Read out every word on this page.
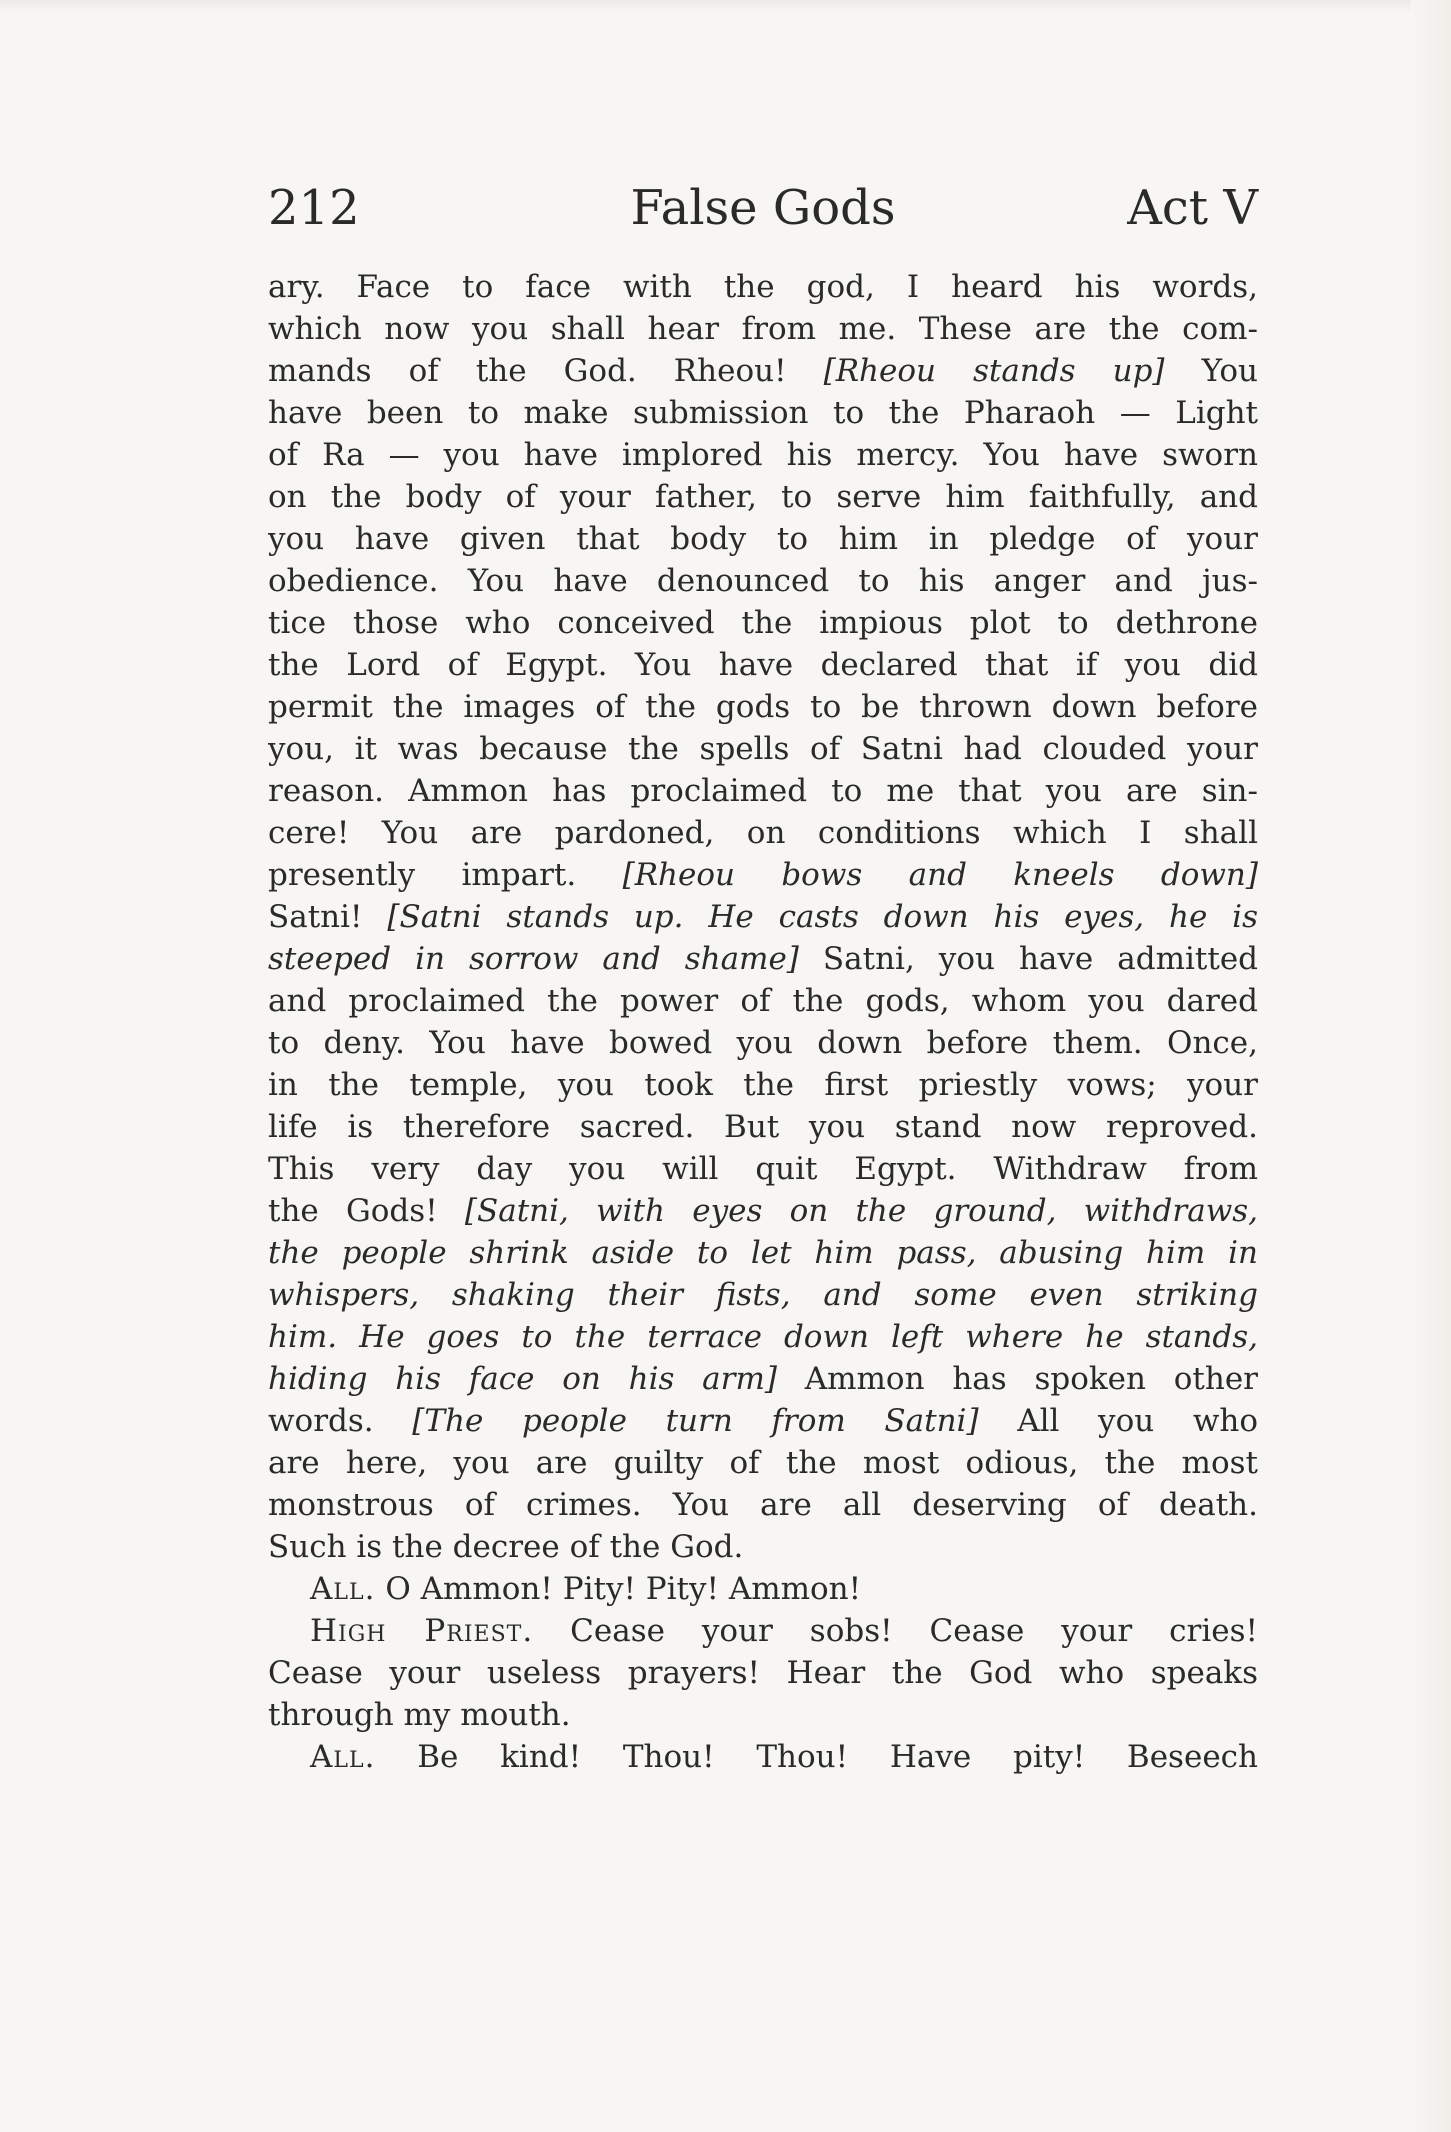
212	False Gods	Act V
ary. Face to face with the god, I heard his words,
which now you shall hear from me. These are the com-
mands of the God. Rheou! [Rheou stands up] You
have been to make submission to the Pharaoh — Light
of Ra — you have implored his mercy. You have sworn
on the body of your father, to serve him faithfully, and
you have given that body to him in pledge of your
obedience. You have denounced to his anger and jus-
tice those who conceived the impious plot to dethrone
the Lord of Egypt. You have declared that if you did
permit the images of the gods to be thrown down before
you, it was because the spells of Satni had clouded your
reason. Ammon has proclaimed to me that you are sin-
cere! You are pardoned, on conditions which I shall
presently impart. [Rheou bows and kneels down]
Satni! [Satni stands up. He casts down his eyes, he is
steeped in sorrow and shame] Satni, you have admitted
and proclaimed the power of the gods, whom you dared
to deny. You have bowed you down before them. Once,
in the temple, you took the first priestly vows; your
life is therefore sacred. But you stand now reproved.
This very day you will quit Egypt. Withdraw from
the Gods! [Satni, with eyes on the ground, withdraws,
the people shrink aside to let him pass, abusing him in
whispers, shaking their fists, and some even striking
him. He goes to the terrace down left where he stands,
hiding his face on his arm] Ammon has spoken other
words. [The people turn from Satni] All you who
are here, you are guilty of the most odious, the most
monstrous of crimes. You are all deserving of death.
Such is the decree of the God.
All. O Ammon! Pity! Pity! Ammon!
High Priest. Cease your sobs! Cease your cries!
Cease your useless prayers! Hear the God who speaks
through my mouth.
All. Be kind! Thou! Thou! Have pity! Beseech
